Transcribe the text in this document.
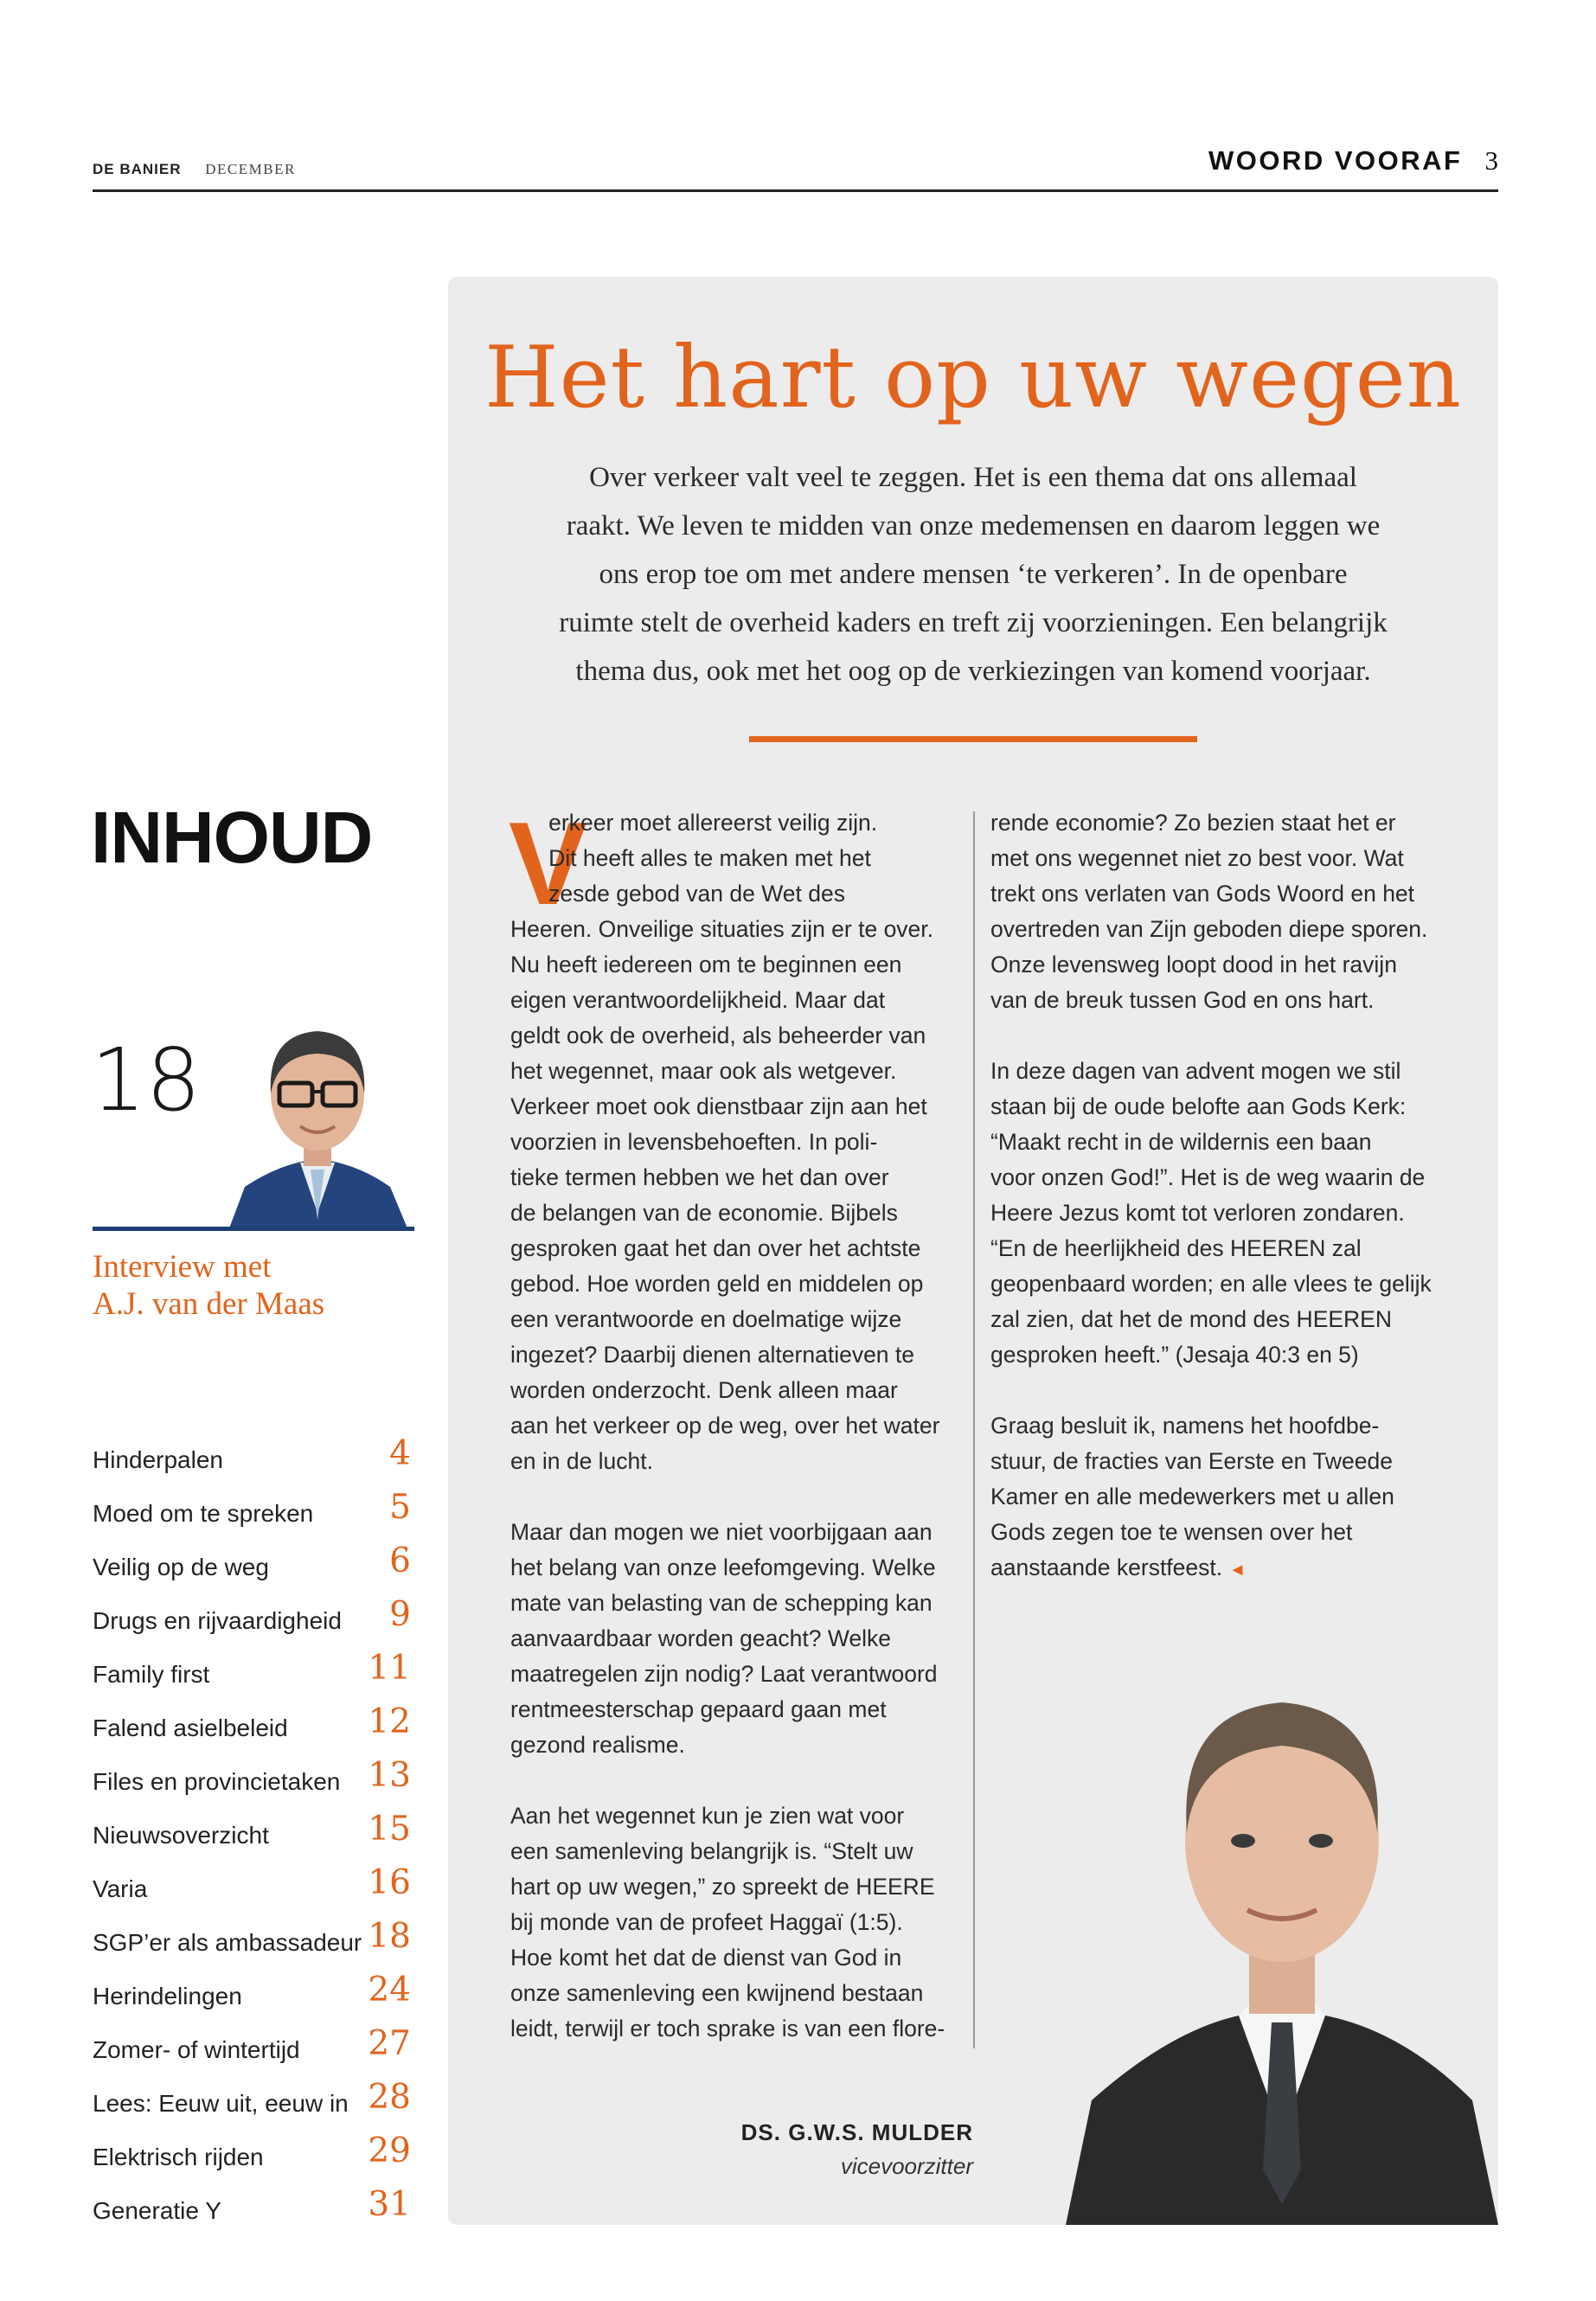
DE BANIER DECEMBER	WOORD VOORAF 3
INHOUD
18
Interview met
A.J. van der Maas
Hinderpalen	4
Moed om te spreken 5
Veilig op de weg	6
Drugs en rijvaardigheid 9
Family first	11
Falend asielbeleid 12
Files en provincietaken 13
Nieuwsoverzicht	15
Varia	16
SGP’er als ambassadeur 18
Herindelingen	24
Zomer- of wintertijd 27
Lees: Eeuw uit, eeuw in 28
Elektrisch rijden	29
Generatie Y	31
Het hart op uw wegen
Over verkeer valt veel te zeggen. Het is een thema dat ons allemaal
raakt. We leven te midden van onze medemensen en daarom leggen we
ons erop toe om met andere mensen ‘te verkeren’. In de openbare
ruimte stelt de overheid kaders en treft zij voorzieningen. Een belangrijk
thema dus, ook met het oog op de verkiezingen van komend voorjaar.
V
erkeer moet allereerst veilig zijn.
Dit heeft alles te maken met het
zesde gebod van de Wet des
Heeren. Onveilige situaties zijn er te over.
Nu heeft iedereen om te beginnen een
eigen verantwoordelijkheid. Maar dat
geldt ook de overheid, als beheerder van
het wegennet, maar ook als wetgever.
Verkeer moet ook dienstbaar zijn aan het
voorzien in levensbehoeften. In poli-
tieke termen hebben we het dan over
de belangen van de economie. Bijbels
gesproken gaat het dan over het achtste
gebod. Hoe worden geld en middelen op
een verantwoorde en doelmatige wijze
ingezet? Daarbij dienen alternatieven te
worden onderzocht. Denk alleen maar
aan het verkeer op de weg, over het water
en in de lucht.

Maar dan mogen we niet voorbijgaan aan
het belang van onze leefomgeving. Welke
mate van belasting van de schepping kan
aanvaardbaar worden geacht? Welke
maatregelen zijn nodig? Laat verantwoord
rentmeesterschap gepaard gaan met
gezond realisme.

Aan het wegennet kun je zien wat voor
een samenleving belangrijk is. “Stelt uw
hart op uw wegen,” zo spreekt de HEERE
bij monde van de profeet Haggaï (1:5).
Hoe komt het dat de dienst van God in
onze samenleving een kwijnend bestaan
leidt, terwijl er toch sprake is van een flore-
rende economie? Zo bezien staat het er
met ons wegennet niet zo best voor. Wat
trekt ons verlaten van Gods Woord en het
overtreden van Zijn geboden diepe sporen.
Onze levensweg loopt dood in het ravijn
van de breuk tussen God en ons hart.

In deze dagen van advent mogen we stil
staan bij de oude belofte aan Gods Kerk:
“Maakt recht in de wildernis een baan
voor onzen God!”. Het is de weg waarin de
Heere Jezus komt tot verloren zondaren.
“En de heerlijkheid des HEEREN zal
geopenbaard worden; en alle vlees te gelijk
zal zien, dat het de mond des HEEREN
gesproken heeft.” (Jesaja 40:3 en 5)

Graag besluit ik, namens het hoofdbe-
stuur, de fracties van Eerste en Tweede
Kamer en alle medewerkers met u allen
Gods zegen toe te wensen over het
aanstaande kerstfeest. ◄
DS. G.W.S. MULDER
vicevoorzitter
